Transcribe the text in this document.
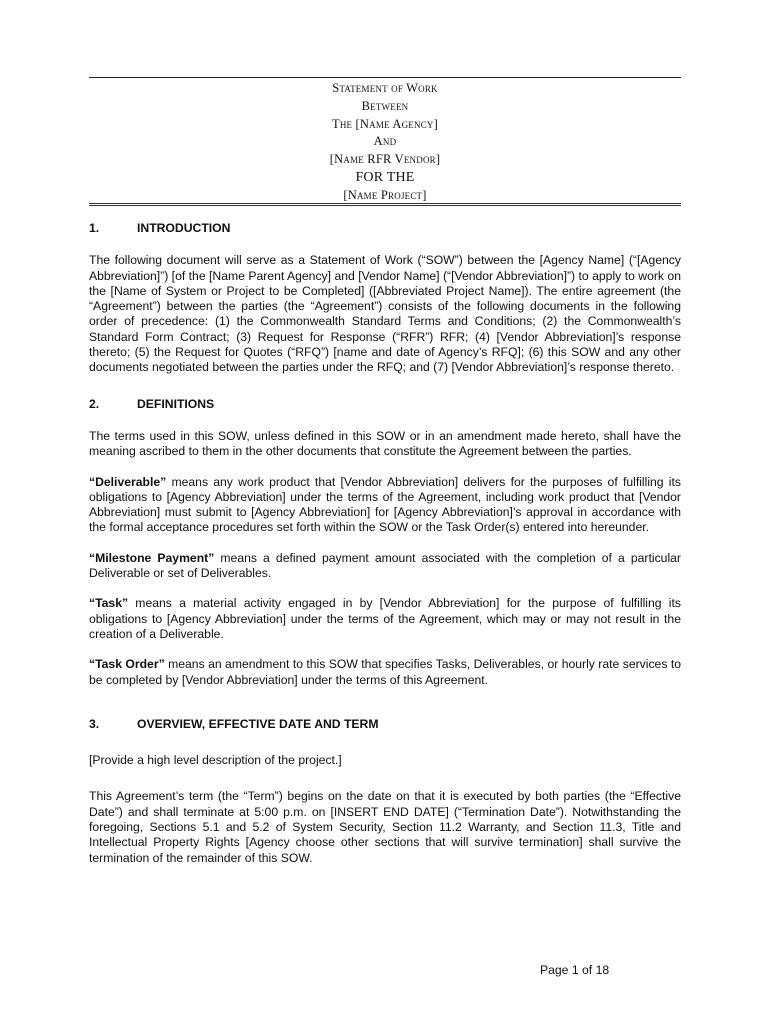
Statement of Work
Between
The [Name Agency]
And
[Name RFR Vendor]
FOR THE
[Name Project]
1.	INTRODUCTION

The following document will serve as a Statement of Work (“SOW”) between the [Agency Name] (“[Agency Abbreviation]”) [of the [Name Parent Agency] and [Vendor Name] (“[Vendor Abbreviation]”) to apply to work on the [Name of System or Project to be Completed] ([Abbreviated Project Name]). The entire agreement (the “Agreement”) between the parties (the “Agreement”) consists of the following documents in the following order of precedence: (1) the Commonwealth Standard Terms and Conditions; (2) the Commonwealth’s Standard Form Contract; (3) Request for Response (“RFR”) RFR; (4) [Vendor Abbreviation]’s response thereto; (5) the Request for Quotes (“RFQ”) [name and date of Agency’s RFQ]; (6) this SOW and any other documents negotiated between the parties under the RFQ; and (7) [Vendor Abbreviation]’s response thereto.

2.	DEFINITIONS

The terms used in this SOW, unless defined in this SOW or in an amendment made hereto, shall have the meaning ascribed to them in the other documents that constitute the Agreement between the parties.

“Deliverable” means any work product that [Vendor Abbreviation] delivers for the purposes of fulfilling its obligations to [Agency Abbreviation] under the terms of the Agreement, including work product that [Vendor Abbreviation] must submit to [Agency Abbreviation] for [Agency Abbreviation]’s approval in accordance with the formal acceptance procedures set forth within the SOW or the Task Order(s) entered into hereunder.

“Milestone Payment” means a defined payment amount associated with the completion of a particular Deliverable or set of Deliverables.

“Task” means a material activity engaged in by [Vendor Abbreviation] for the purpose of fulfilling its obligations to [Agency Abbreviation] under the terms of the Agreement, which may or may not result in the creation of a Deliverable.

“Task Order” means an amendment to this SOW that specifies Tasks, Deliverables, or hourly rate services to be completed by [Vendor Abbreviation] under the terms of this Agreement.

3.	OVERVIEW, EFFECTIVE DATE AND TERM

[Provide a high level description of the project.]

This Agreement’s term (the “Term”) begins on the date on that it is executed by both parties (the “Effective Date”) and shall terminate at 5:00 p.m. on [INSERT END DATE] (“Termination Date”). Notwithstanding the foregoing, Sections 5.1 and 5.2 of System Security, Section 11.2 Warranty, and Section 11.3, Title and Intellectual Property Rights [Agency choose other sections that will survive termination] shall survive the termination of the remainder of this SOW.

Page 1 of 18
